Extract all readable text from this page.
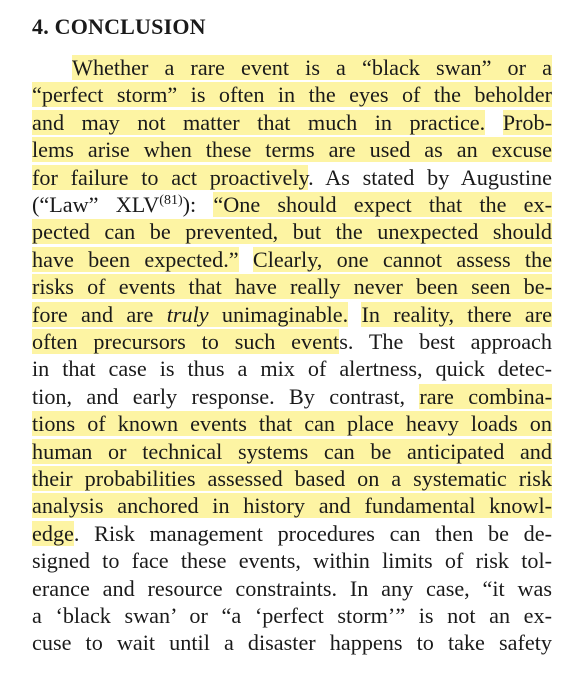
4. CONCLUSION
Whether a rare event is a “black swan” or a
“perfect storm” is often in the eyes of the beholder
and may not matter that much in practice. Prob-
lems arise when these terms are used as an excuse
for failure to act proactively. As stated by Augustine
(“Law” XLV$^{(81)}$): “One should expect that the ex-
pected can be prevented, but the unexpected should
have been expected.” Clearly, one cannot assess the
risks of events that have really never been seen be-
fore and are truly unimaginable. In reality, there are
often precursors to such events. The best approach
in that case is thus a mix of alertness, quick detec-
tion, and early response. By contrast, rare combina-
tions of known events that can place heavy loads on
human or technical systems can be anticipated and
their probabilities assessed based on a systematic risk
analysis anchored in history and fundamental knowl-
edge. Risk management procedures can then be de-
signed to face these events, within limits of risk tol-
erance and resource constraints. In any case, “it was
a ‘black swan’ or “a ‘perfect storm’” is not an ex-
cuse to wait until a disaster happens to take safety
